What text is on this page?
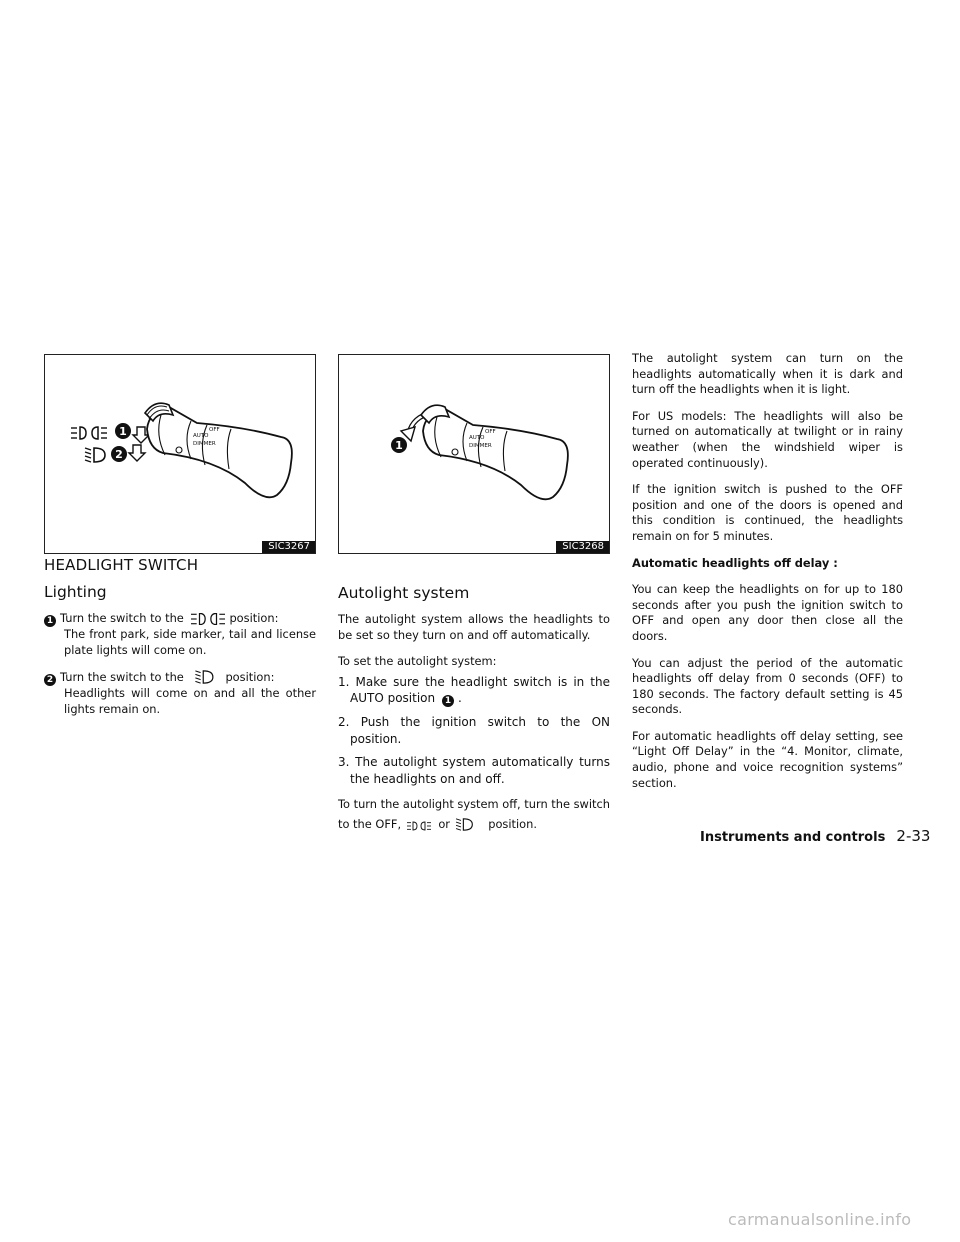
1
2
AUTO
DIMMER
OFF
SIC3267
1
AUTO
DIMMER
OFF
SIC3268
HEADLIGHT SWITCH
Lighting
1 Turn the switch to the	position:
The front park, side marker, tail and license plate lights will come on.
2 Turn the switch to the	position:
Headlights will come on and all the other lights remain on.
Autolight system

The autolight system allows the headlights to be set so they turn on and off automatically.

To set the autolight system:

1. Make sure the headlight switch is in the AUTO position 1 .
2. Push the ignition switch to the ON position.
3. The autolight system automatically turns the headlights on and off.
To turn the autolight system off, turn the switch
to the OFF,	or	position.

The autolight system can turn on the headlights automatically when it is dark and turn off the headlights when it is light.

For US models: The headlights will also be turned on automatically at twilight or in rainy weather (when the windshield wiper is operated continuously).

If the ignition switch is pushed to the OFF position and one of the doors is opened and this condition is continued, the headlights remain on for 5 minutes.

Automatic headlights off delay :

You can keep the headlights on for up to 180 seconds after you push the ignition switch to OFF and open any door then close all the doors.

You can adjust the period of the automatic headlights off delay from 0 seconds (OFF) to 180 seconds. The factory default setting is 45 seconds.

For automatic headlights off delay setting, see “Light Off Delay” in the “4. Monitor, climate, audio, phone and voice recognition systems” section.

Instruments and controls 2-33
carmanualsonline.info
